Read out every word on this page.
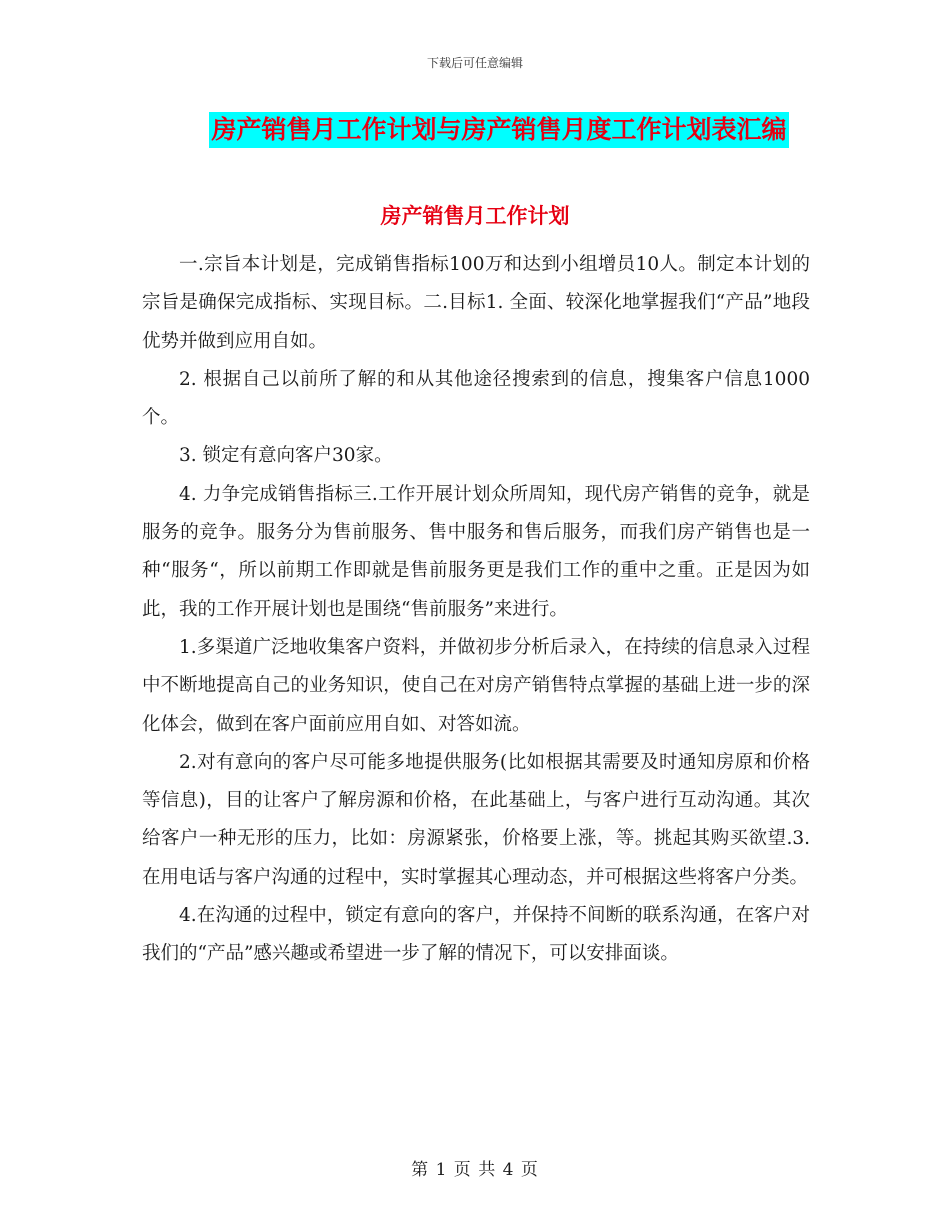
下载后可任意编辑
房产销售月工作计划与房产销售月度工作计划表汇编
房产销售月工作计划

一.宗旨本计划是，完成销售指标100万和达到小组增员10人。制定本计划的宗旨是确保完成指标、实现目标。二.目标1. 全面、较深化地掌握我们“产品”地段优势并做到应用自如。

2. 根据自己以前所了解的和从其他途径搜索到的信息，搜集客户信息1000个。

3. 锁定有意向客户30家。

4. 力争完成销售指标三.工作开展计划众所周知，现代房产销售的竞争，就是服务的竞争。服务分为售前服务、售中服务和售后服务，而我们房产销售也是一种“服务“，所以前期工作即就是售前服务更是我们工作的重中之重。正是因为如此，我的工作开展计划也是围绕“售前服务”来进行。

1.多渠道广泛地收集客户资料，并做初步分析后录入，在持续的信息录入过程中不断地提高自己的业务知识，使自己在对房产销售特点掌握的基础上进一步的深化体会，做到在客户面前应用自如、对答如流。

2.对有意向的客户尽可能多地提供服务(比如根据其需要及时通知房原和价格等信息)，目的让客户了解房源和价格，在此基础上，与客户进行互动沟通。其次给客户一种无形的压力，比如：房源紧张，价格要上涨，等。挑起其购买欲望.3.在用电话与客户沟通的过程中，实时掌握其心理动态，并可根据这些将客户分类。

4.在沟通的过程中，锁定有意向的客户，并保持不间断的联系沟通，在客户对我们的“产品”感兴趣或希望进一步了解的情况下，可以安排面谈。

第 1 页 共 4 页
